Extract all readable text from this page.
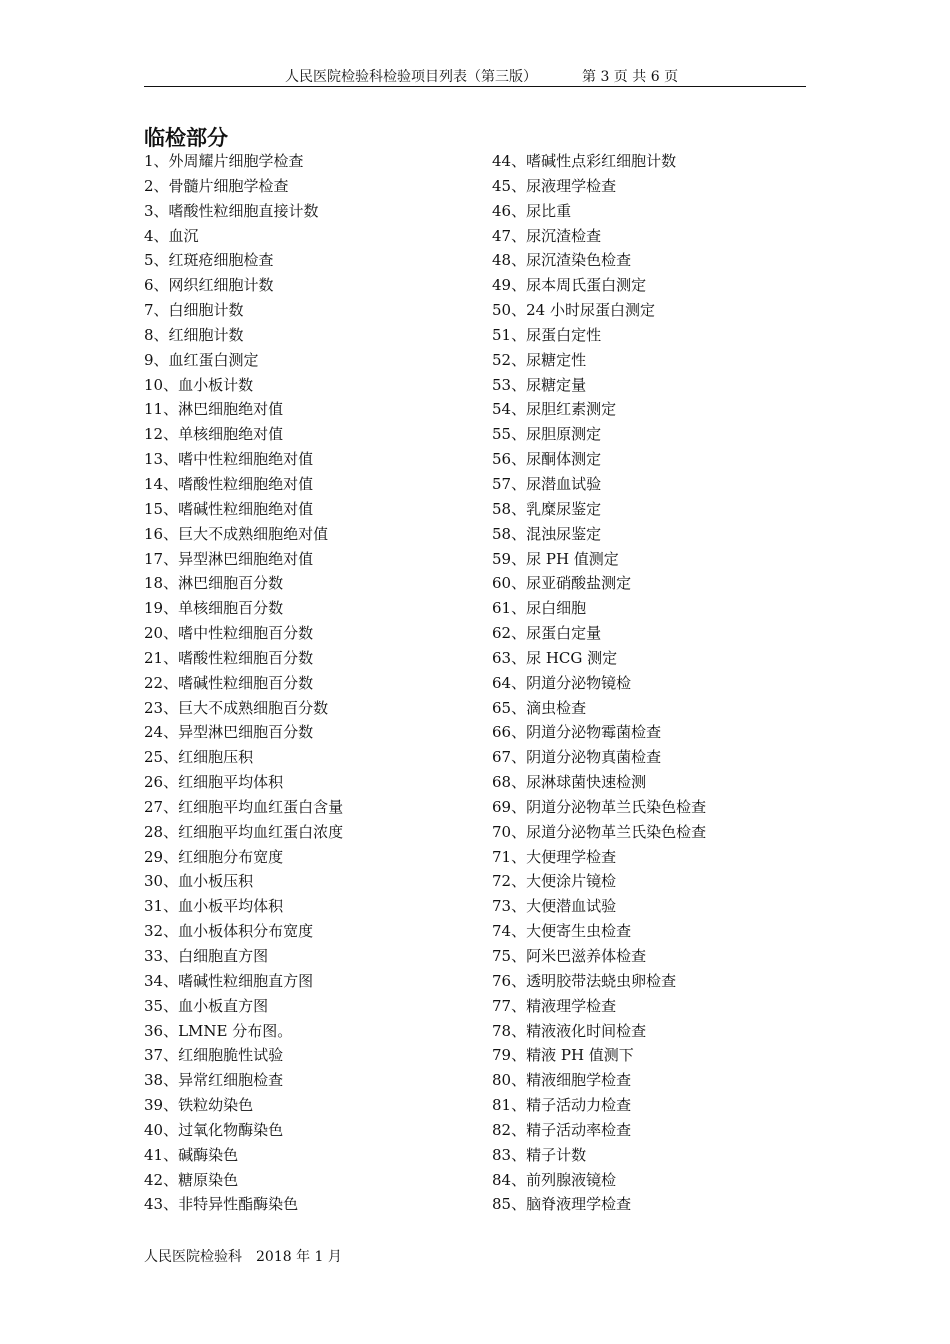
人民医院检验科检验项目列表（第三版）	第 3 页 共 6 页
临检部分
1、外周耀片细胞学检查
2、骨髓片细胞学检查
3、嗜酸性粒细胞直接计数
4、血沉
5、红斑疮细胞检查
6、网织红细胞计数
7、白细胞计数
8、红细胞计数
9、血红蛋白测定
10、血小板计数
11、淋巴细胞绝对值
12、单核细胞绝对值
13、嗜中性粒细胞绝对值
14、嗜酸性粒细胞绝对值
15、嗜碱性粒细胞绝对值
16、巨大不成熟细胞绝对值
17、异型淋巴细胞绝对值
18、淋巴细胞百分数
19、单核细胞百分数
20、嗜中性粒细胞百分数
21、嗜酸性粒细胞百分数
22、嗜碱性粒细胞百分数
23、巨大不成熟细胞百分数
24、异型淋巴细胞百分数
25、红细胞压积
26、红细胞平均体积
27、红细胞平均血红蛋白含量
28、红细胞平均血红蛋白浓度
29、红细胞分布宽度
30、血小板压积
31、血小板平均体积
32、血小板体积分布宽度
33、白细胞直方图
34、嗜碱性粒细胞直方图
35、血小板直方图
36、LMNE 分布图。
37、红细胞脆性试验
38、异常红细胞检查
39、铁粒幼染色
40、过氧化物酶染色
41、碱酶染色
42、糖原染色
43、非特异性酯酶染色
44、嗜碱性点彩红细胞计数
45、尿液理学检查
46、尿比重
47、尿沉渣检查
48、尿沉渣染色检查
49、尿本周氏蛋白测定
50、24 小时尿蛋白测定
51、尿蛋白定性
52、尿糖定性
53、尿糖定量
54、尿胆红素测定
55、尿胆原测定
56、尿酮体测定
57、尿潜血试验
58、乳糜尿鉴定
58、混浊尿鉴定
59、尿 PH 值测定
60、尿亚硝酸盐测定
61、尿白细胞
62、尿蛋白定量
63、尿 HCG 测定
64、阴道分泌物镜检
65、滴虫检查
66、阴道分泌物霉菌检查
67、阴道分泌物真菌检查
68、尿淋球菌快速检测
69、阴道分泌物革兰氏染色检查
70、尿道分泌物革兰氏染色检查
71、大便理学检查
72、大便涂片镜检
73、大便潜血试验
74、大便寄生虫检查
75、阿米巴滋养体检查
76、透明胶带法蛲虫卵检查
77、精液理学检查
78、精液液化时间检查
79、精液 PH 值测下
80、精液细胞学检查
81、精子活动力检查
82、精子活动率检查
83、精子计数
84、前列腺液镜检
85、脑脊液理学检查
人民医院检验科　2018 年 1 月
